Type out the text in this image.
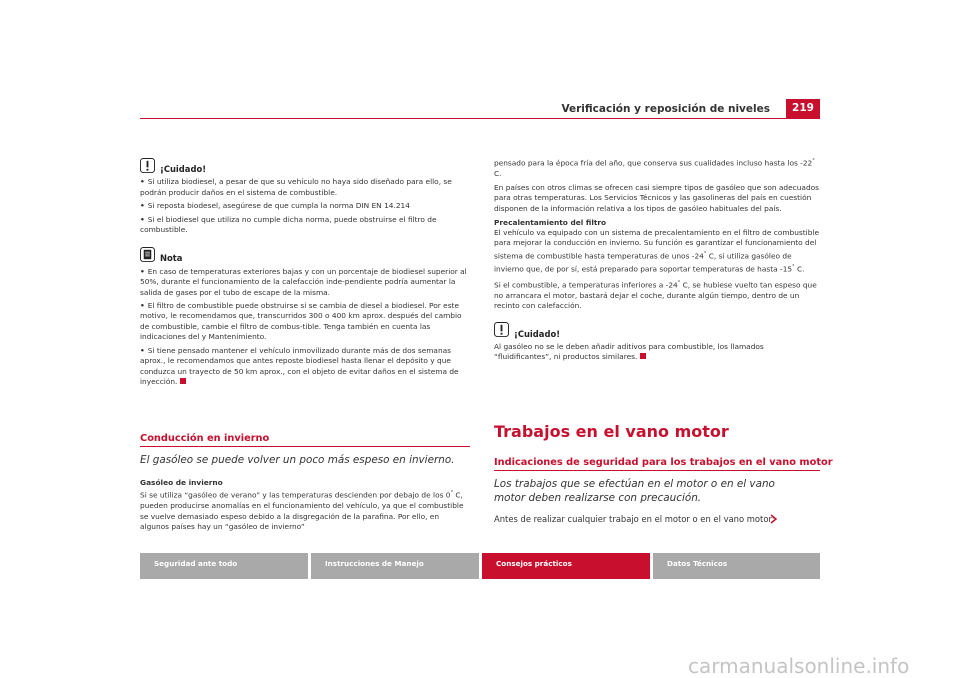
Verificación y reposición de niveles	219
¡Cuidado!
• Si utiliza biodiesel, a pesar de que su vehículo no haya sido diseñado para ello, se podrán producir daños en el sistema de combustible.
• Si reposta biodesel, asegúrese de que cumpla la norma DIN EN 14.214
• Si el biodiesel que utiliza no cumple dicha norma, puede obstruirse el filtro de combustible.
Nota
• En caso de temperaturas exteriores bajas y con un porcentaje de biodiesel superior al 50%, durante el funcionamiento de la calefacción inde-pendiente podría aumentar la salida de gases por el tubo de escape de la misma.
• El filtro de combustible puede obstruirse si se cambia de diesel a biodiesel. Por este motivo, le recomendamos que, transcurridos 300 o 400 km aprox. después del cambio de combustible, cambie el filtro de combus-tible. Tenga también en cuenta las indicaciones del y Mantenimiento.
• Si tiene pensado mantener el vehículo inmovilizado durante más de dos semanas aprox., le recomendamos que antes reposte biodiesel hasta llenar el depósito y que conduzca un trayecto de 50 km aprox., con el objeto de evitar daños en el sistema de inyección.
Conducción en invierno
El gasóleo se puede volver un poco más espeso en invierno.
Gasóleo de invierno

Si se utiliza “gasóleo de verano” y las temperaturas descienden por debajo de los 0° C, pueden producirse anomalías en el funcionamiento del vehículo, ya que el combustible se vuelve demasiado espeso debido a la disgregación de la parafina. Por ello, en algunos países hay un “gasóleo de invierno”

pensado para la época fría del año, que conserva sus cualidades incluso hasta los -22° C.

En países con otros climas se ofrecen casi siempre tipos de gasóleo que son adecuados para otras temperaturas. Los Servicios Técnicos y las gasolineras del país en cuestión disponen de la información relativa a los tipos de gasóleo habituales del país.

Precalentamiento del filtro

El vehículo va equipado con un sistema de precalentamiento en el filtro de combustible para mejorar la conducción en invierno. Su función es garantizar el funcionamiento del sistema de combustible hasta temperaturas de unos -24° C, si utiliza gasóleo de invierno que, de por sí, está preparado para soportar temperaturas de hasta -15° C.

Si el combustible, a temperaturas inferiores a -24° C, se hubiese vuelto tan espeso que no arrancara el motor, bastará dejar el coche, durante algún tiempo, dentro de un recinto con calefacción.

¡Cuidado!

Al gasóleo no se le deben añadir aditivos para combustible, los llamados “fluidificantes”, ni productos similares.

Trabajos en el vano motor
Indicaciones de seguridad para los trabajos en el vano motor
Los trabajos que se efectúan en el motor o en el vano motor deben realizarse con precaución.
Antes de realizar cualquier trabajo en el motor o en el vano motor:
Seguridad ante todo	Instrucciones de Manejo	Consejos prácticos	Datos Técnicos
carmanualsonline.info
